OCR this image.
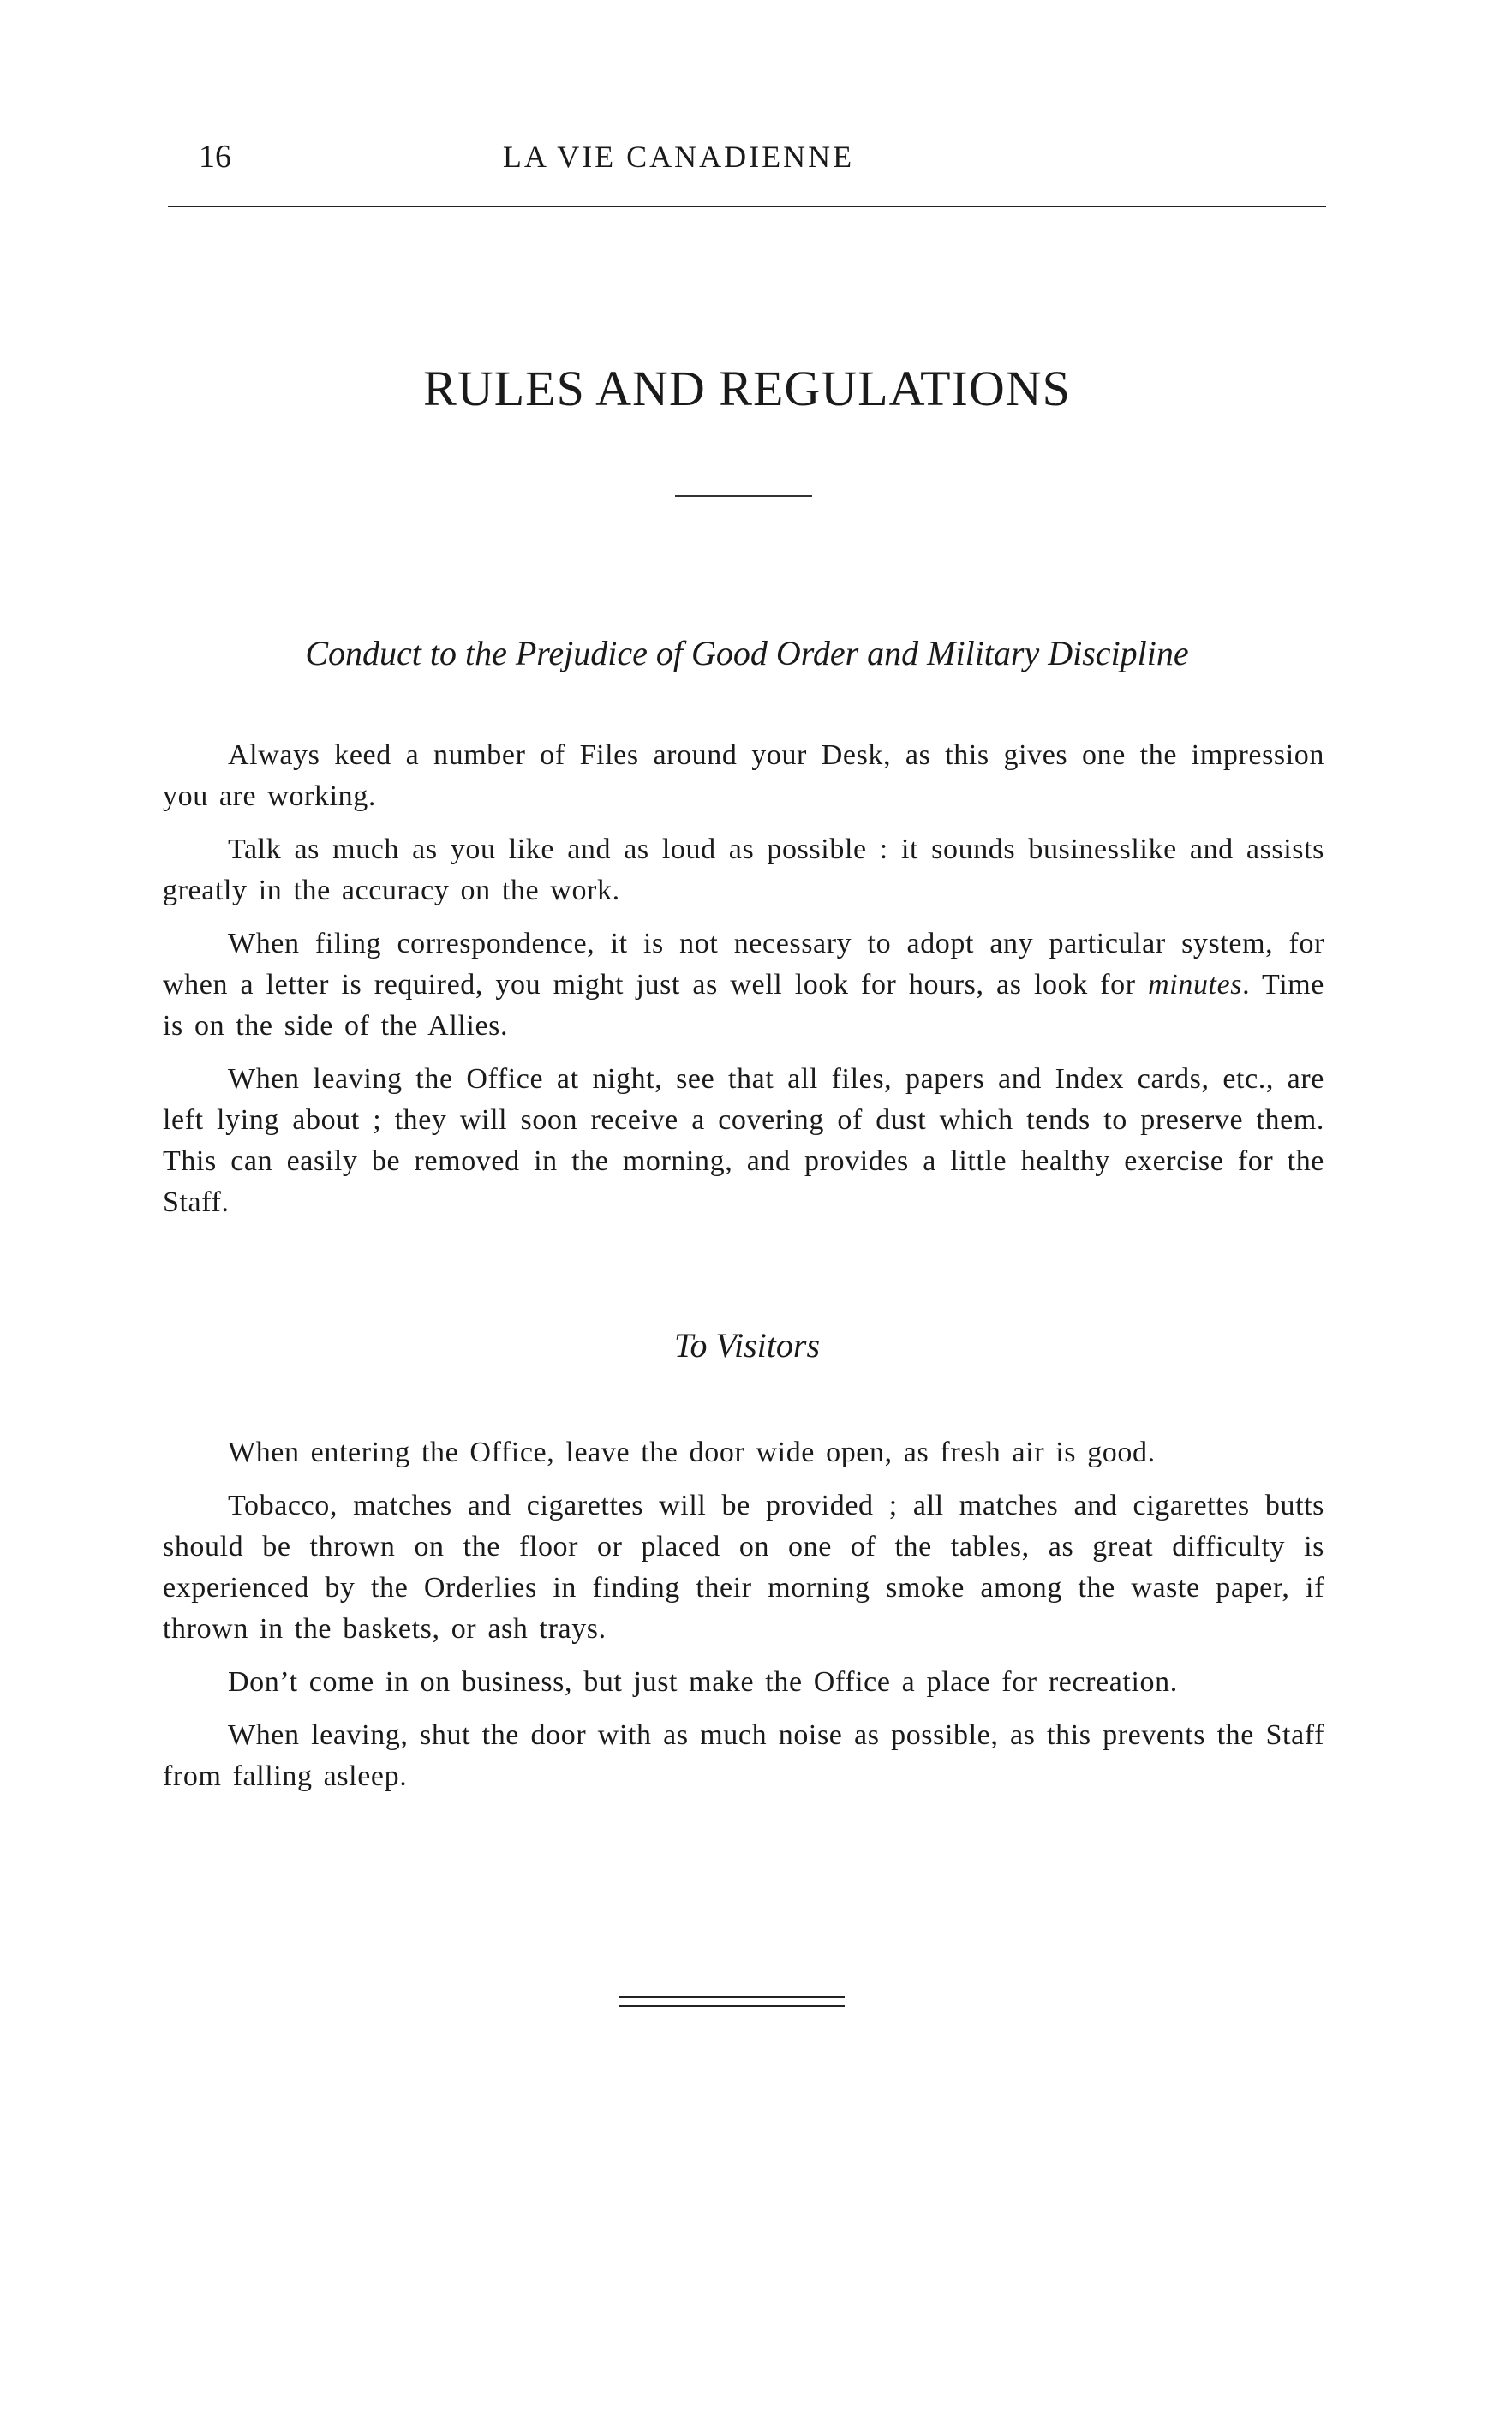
16	LA VIE CANADIENNE
RULES AND REGULATIONS
Conduct to the Prejudice of Good Order and Military Discipline

Always keed a number of Files around your Desk, as this gives one the impression you are working.

Talk as much as you like and as loud as possible : it sounds businesslike and assists greatly in the accuracy on the work.

When filing correspondence, it is not necessary to adopt any particular system, for when a letter is required, you might just as well look for hours, as look for minutes. Time is on the side of the Allies.

When leaving the Office at night, see that all files, papers and Index cards, etc., are left lying about ; they will soon receive a covering of dust which tends to preserve them. This can easily be removed in the morning, and provides a little healthy exercise for the Staff.

To Visitors

When entering the Office, leave the door wide open, as fresh air is good.

Tobacco, matches and cigarettes will be provided ; all matches and cigarettes butts should be thrown on the floor or placed on one of the tables, as great difficulty is experienced by the Orderlies in finding their morning smoke among the waste paper, if thrown in the baskets, or ash trays.

Don’t come in on business, but just make the Office a place for recreation.

When leaving, shut the door with as much noise as possible, as this prevents the Staff from falling asleep.
